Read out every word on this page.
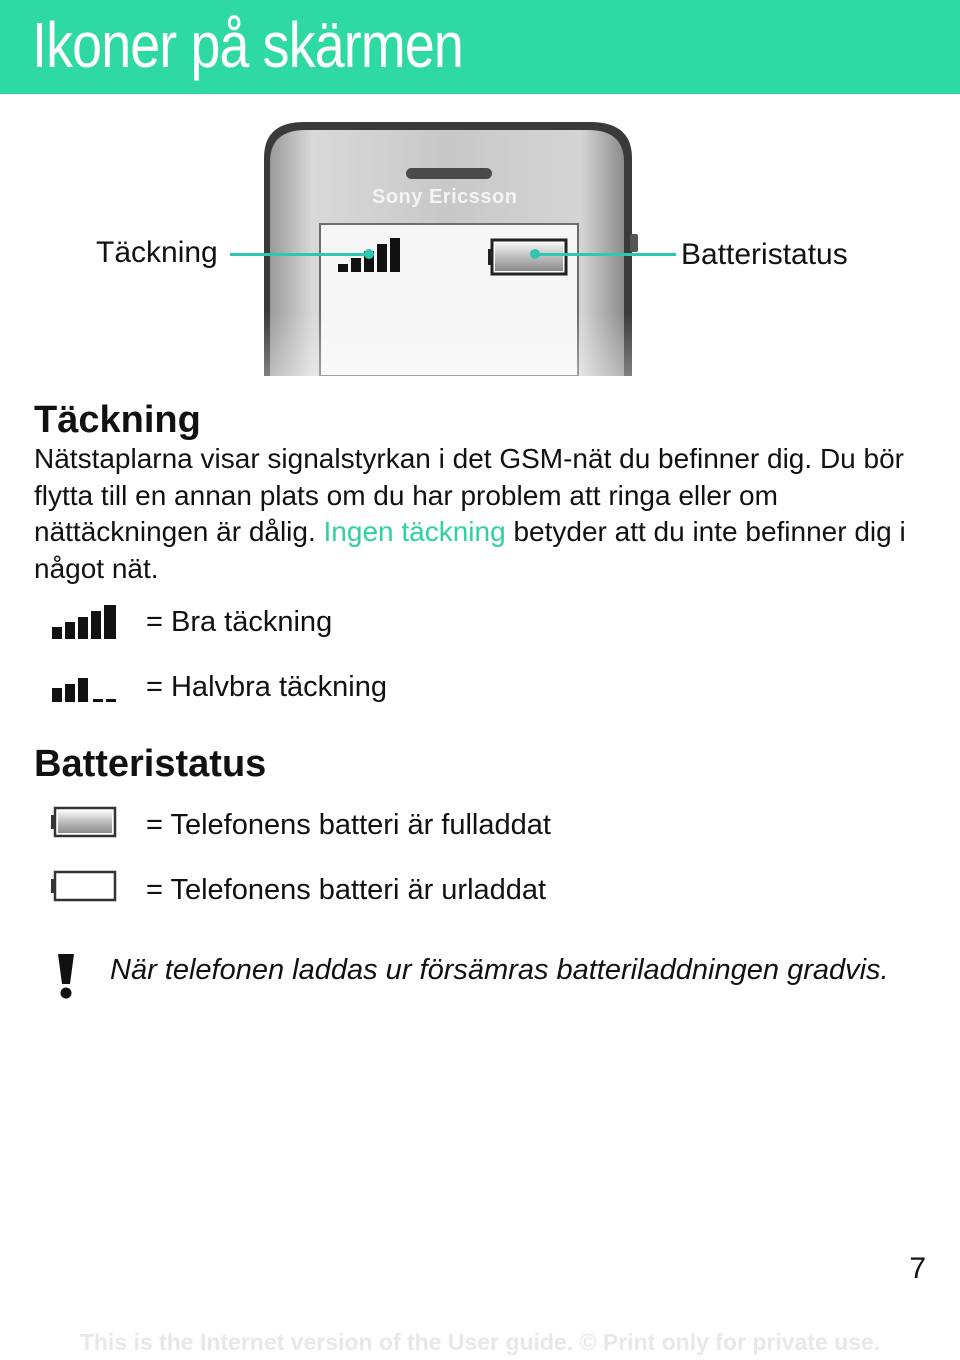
Ikoner på skärmen
Sony Ericsson
Täckning	Batteristatus
Täckning
Nätstaplarna visar signalstyrkan i det GSM-nät du befinner dig. Du bör flytta till en annan plats om du har problem att ringa eller om nättäckningen är dålig. Ingen täckning betyder att du inte befinner dig i något nät.
= Bra täckning
= Halvbra täckning
Batteristatus
= Telefonens batteri är fulladdat
= Telefonens batteri är urladdat
När telefonen laddas ur försämras batteriladdningen gradvis.
7
This is the Internet version of the User guide. © Print only for private use.
